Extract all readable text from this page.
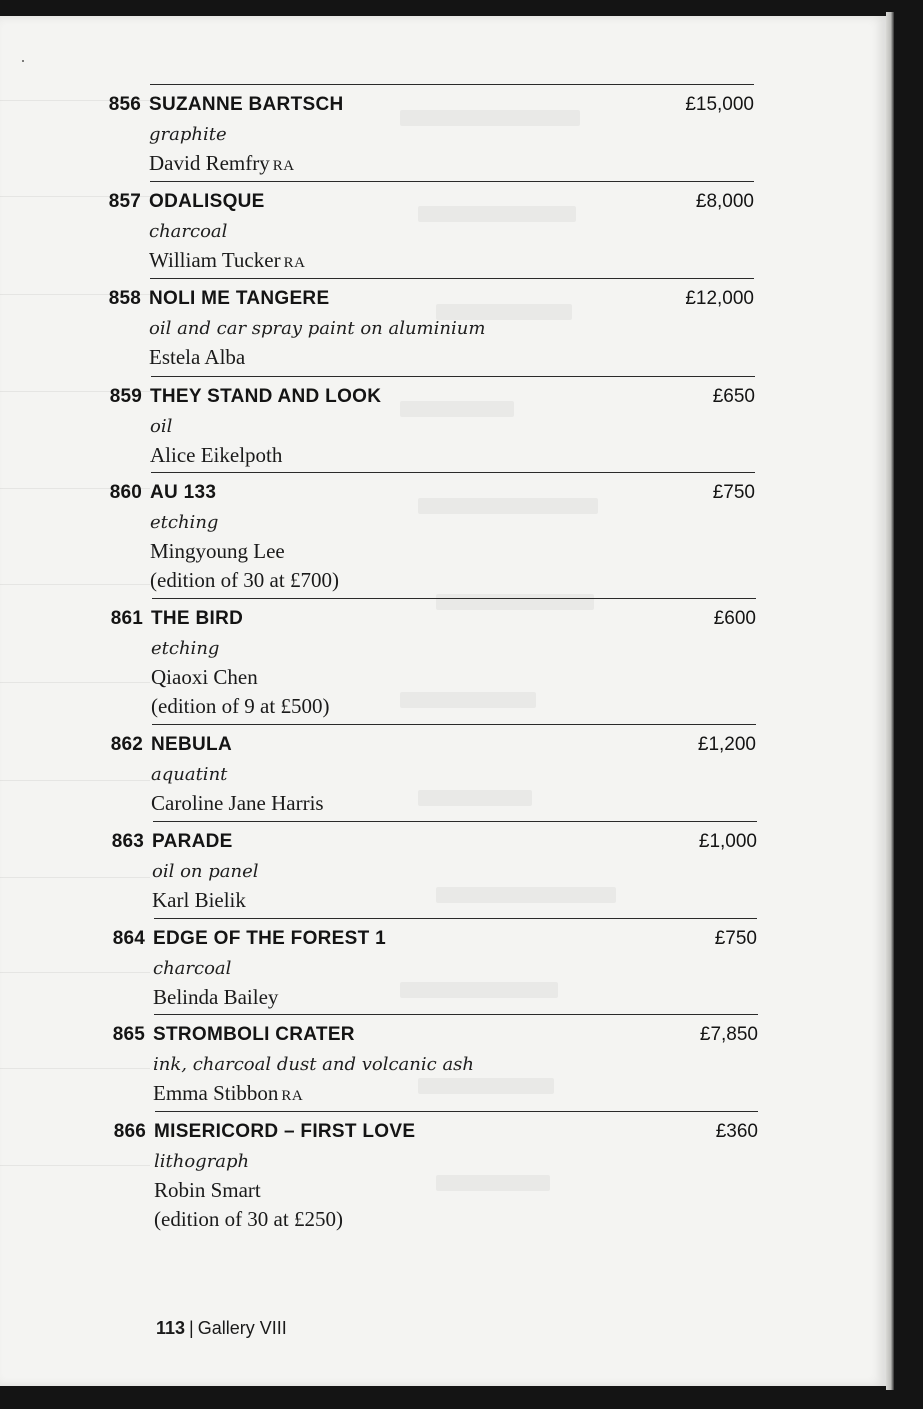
856 SUZANNE BARTSCH	£15,000
graphite
David Remfry RA
857 ODALISQUE	£8,000
charcoal
William Tucker RA
858 NOLI ME TANGERE	£12,000
oil and car spray paint on aluminium
Estela Alba
859 THEY STAND AND LOOK	£650
oil
Alice Eikelpoth
860 AU 133	£750
etching
Mingyoung Lee
(edition of 30 at £700)
861 THE BIRD	£600
etching
Qiaoxi Chen
(edition of 9 at £500)
862 NEBULA	£1,200
aquatint
Caroline Jane Harris
863 PARADE	£1,000
oil on panel
Karl Bielik
864 EDGE OF THE FOREST 1	£750
charcoal
Belinda Bailey
865 STROMBOLI CRATER	£7,850
ink, charcoal dust and volcanic ash
Emma Stibbon RA
866 MISERICORD – FIRST LOVE	£360
lithograph
Robin Smart
(edition of 30 at £250)
113 | Gallery VIII
